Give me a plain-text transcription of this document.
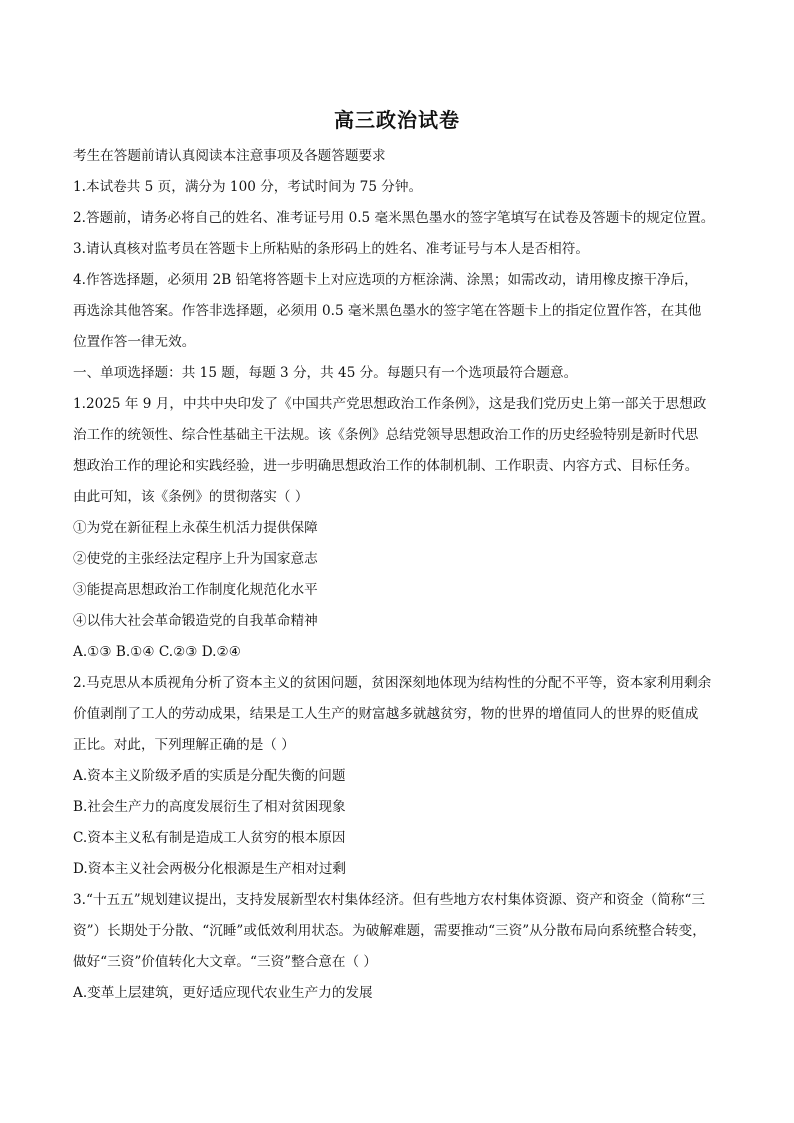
高三政治试卷
考生在答题前请认真阅读本注意事项及各题答题要求
1.本试卷共 5 页，满分为 100 分，考试时间为 75 分钟。
2.答题前，请务必将自己的姓名、准考证号用 0.5 毫米黑色墨水的签字笔填写在试卷及答题卡的规定位置。
3.请认真核对监考员在答题卡上所粘贴的条形码上的姓名、准考证号与本人是否相符。
4.作答选择题，必须用 2B 铅笔将答题卡上对应选项的方框涂满、涂黑；如需改动，请用橡皮擦干净后，
再选涂其他答案。作答非选择题，必须用 0.5 毫米黑色墨水的签字笔在答题卡上的指定位置作答，在其他
位置作答一律无效。
一、单项选择题：共 15 题，每题 3 分，共 45 分。每题只有一个选项最符合题意。
1.2025 年 9 月，中共中央印发了《中国共产党思想政治工作条例》，这是我们党历史上第一部关于思想政
治工作的统领性、综合性基础主干法规。该《条例》总结党领导思想政治工作的历史经验特别是新时代思
想政治工作的理论和实践经验，进一步明确思想政治工作的体制机制、工作职责、内容方式、目标任务。
由此可知，该《条例》的贯彻落实（ ）
①为党在新征程上永葆生机活力提供保障
②使党的主张经法定程序上升为国家意志
③能提高思想政治工作制度化规范化水平
④以伟大社会革命锻造党的自我革命精神
A.①③ B.①④ C.②③ D.②④
2.马克思从本质视角分析了资本主义的贫困问题，贫困深刻地体现为结构性的分配不平等，资本家利用剩余
价值剥削了工人的劳动成果，结果是工人生产的财富越多就越贫穷，物的世界的增值同人的世界的贬值成
正比。对此，下列理解正确的是（ ）
A.资本主义阶级矛盾的实质是分配失衡的问题
B.社会生产力的高度发展衍生了相对贫困现象
C.资本主义私有制是造成工人贫穷的根本原因
D.资本主义社会两极分化根源是生产相对过剩
3.“十五五”规划建议提出，支持发展新型农村集体经济。但有些地方农村集体资源、资产和资金（简称“三
资”）长期处于分散、“沉睡”或低效利用状态。为破解难题，需要推动“三资”从分散布局向系统整合转变，
做好“三资”价值转化大文章。“三资”整合意在（ ）
A.变革上层建筑，更好适应现代农业生产力的发展
